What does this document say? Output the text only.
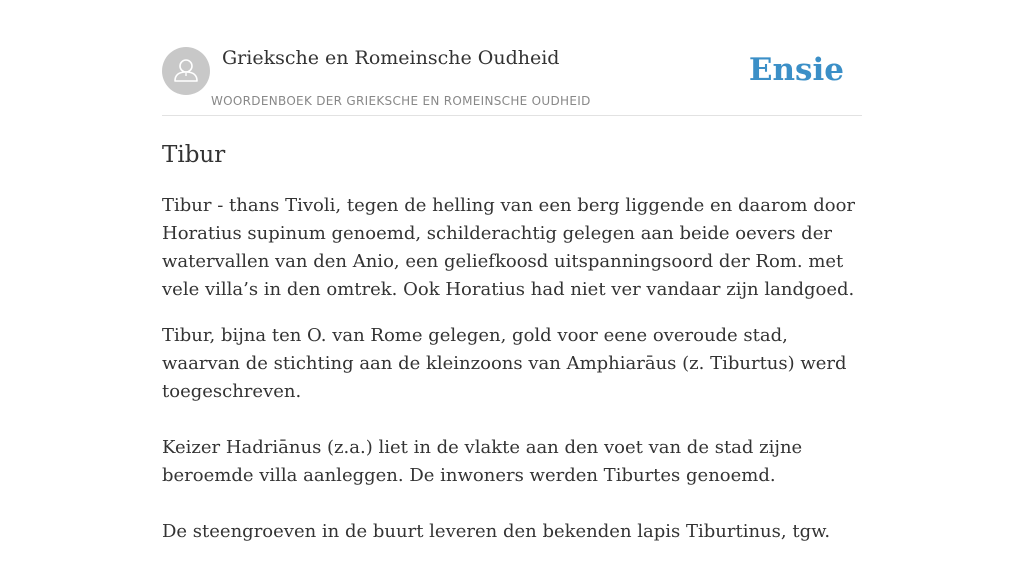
Grieksche en Romeinsche Oudheid
WOORDENBOEK DER GRIEKSCHE EN ROMEINSCHE OUDHEID
Ensie
Tibur

Tibur - thans Tivoli, tegen de helling van een berg liggende en daarom door Horatius supinum genoemd, schilderachtig gelegen aan beide oevers der watervallen van den Anio, een geliefkoosd uitspanningsoord der Rom. met vele villa’s in den omtrek. Ook Horatius had niet ver vandaar zijn landgoed.

Tibur, bijna ten O. van Rome gelegen, gold voor eene overoude stad, waarvan de stichting aan de kleinzoons van Amphiarāus (z. Tiburtus) werd toegeschreven.

Keizer Hadriānus (z.a.) liet in de vlakte aan den voet van de stad zijne beroemde villa aanleggen. De inwoners werden Tiburtes genoemd.

De steengroeven in de buurt leveren den bekenden lapis Tiburtinus, tgw.
